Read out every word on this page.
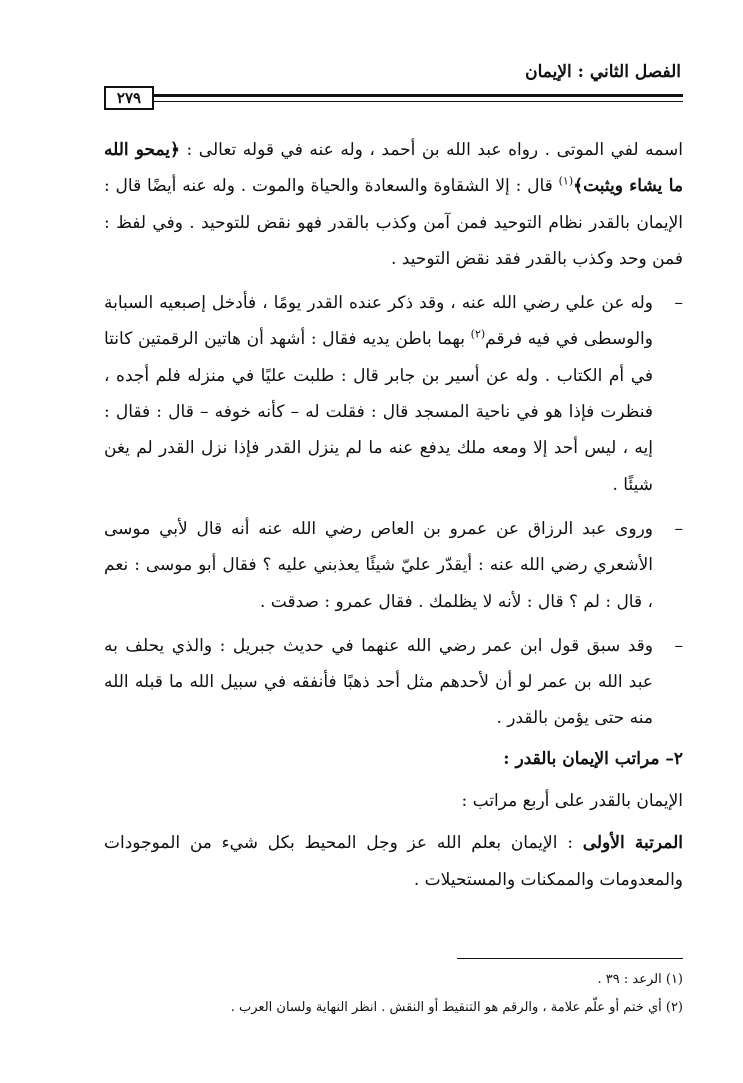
الفصل الثاني : الإيمان
٢٧٩

اسمه لفي الموتى . رواه عبد الله بن أحمد ، وله عنه في قوله تعالى : ﴿يمحو الله ما يشاء ويثبت﴾$^{(١)}$ قال : إلا الشقاوة والسعادة والحياة والموت . وله عنه أيضًا قال : الإيمان بالقدر نظام التوحيد فمن آمن وكذب بالقدر فهو نقض للتوحيد . وفي لفظ : فمن وحد وكذب بالقدر فقد نقض التوحيد .

–
وله عن علي رضي الله عنه ، وقد ذكر عنده القدر يومًا ، فأدخل إصبعيه السبابة والوسطى في فيه فرقم$^{(٢)}$ بهما باطن يديه فقال : أشهد أن هاتين الرقمتين كانتا في أم الكتاب . وله عن أسير بن جابر قال : طلبت عليًا في منزله فلم أجده ، فنظرت فإذا هو في ناحية المسجد قال : فقلت له – كأنه خوفه – قال : فقال : إيه ، ليس أحد إلا ومعه ملك يدفع عنه ما لم ينزل القدر فإذا نزل القدر لم يغن شيئًا .

–
وروى عبد الرزاق عن عمرو بن العاص رضي الله عنه أنه قال لأبي موسى الأشعري رضي الله عنه : أيقدّر عليّ شيئًا يعذبني عليه ؟ فقال أبو موسى : نعم ، قال : لم ؟ قال : لأنه لا يظلمك . فقال عمرو : صدقت .

–
وقد سبق قول ابن عمر رضي الله عنهما في حديث جبريل : والذي يحلف به عبد الله بن عمر لو أن لأحدهم مثل أحد ذهبًا فأنفقه في سبيل الله ما قبله الله منه حتى يؤمن بالقدر .

٢– مراتب الإيمان بالقدر :

الإيمان بالقدر على أربع مراتب :

المرتبة الأولى : الإيمان بعلم الله عز وجل المحيط بكل شيء من الموجودات والمعدومات والممكنات والمستحيلات .

(١) الرعد : ٣٩ .

(٢) أي ختم أو علّم علامة ، والرقم هو التنقيط أو النقش . انظر النهاية ولسان العرب .
